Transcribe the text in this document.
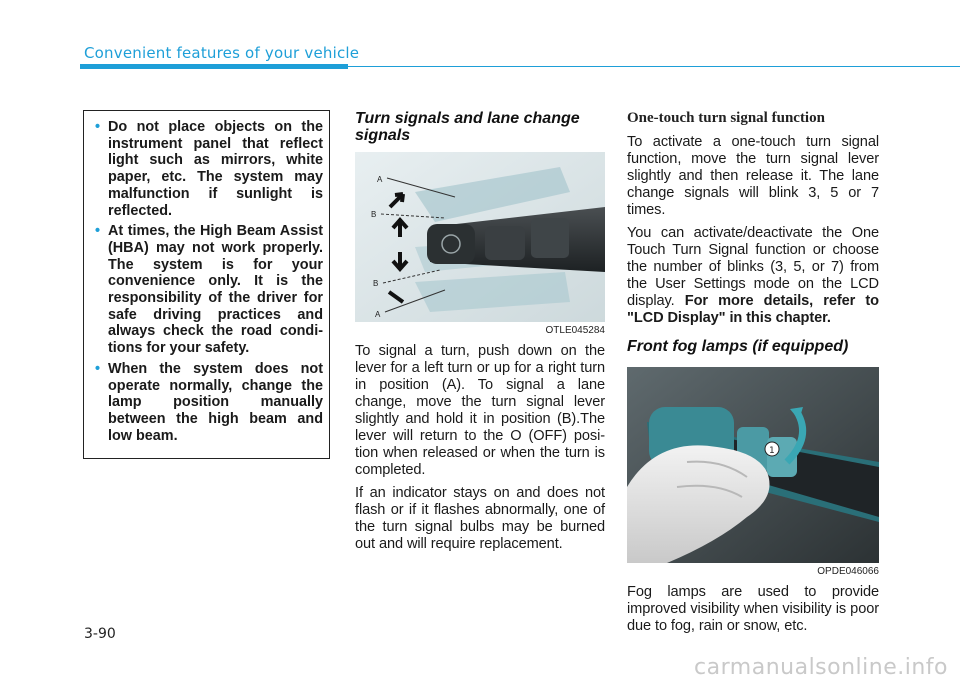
Convenient features of your vehicle
• Do not place objects on the instrument panel that reflect light such as mirrors, white paper, etc. The system may malfunction if sunlight is reflected.
• At times, the High Beam Assist (HBA) may not work properly. The system is for your convenience only. It is the responsibility of the driver for safe driving practices and always check the road condi-tions for your safety.
• When the system does not operate normally, change the lamp position manually between the high beam and low beam.
Turn signals and lane change signals
A
B
B
A
OTLE045284

To signal a turn, push down on the lever for a left turn or up for a right turn in position (A). To signal a lane change, move the turn signal lever slightly and hold it in position (B).The lever will return to the O (OFF) posi-tion when released or when the turn is completed.

If an indicator stays on and does not flash or if it flashes abnormally, one of the turn signal bulbs may be burned out and will require replacement.

One-touch turn signal function

To activate a one-touch turn signal function, move the turn signal lever slightly and then release it. The lane change signals will blink 3, 5 or 7 times.

You can activate/deactivate the One Touch Turn Signal function or choose the number of blinks (3, 5, or 7) from the User Settings mode on the LCD display. For more details, refer to "LCD Display" in this chapter.

Front fog lamps (if equipped)
1
OPDE046066

Fog lamps are used to provide improved visibility when visibility is poor due to fog, rain or snow, etc.

3-90
carmanualsonline.info
